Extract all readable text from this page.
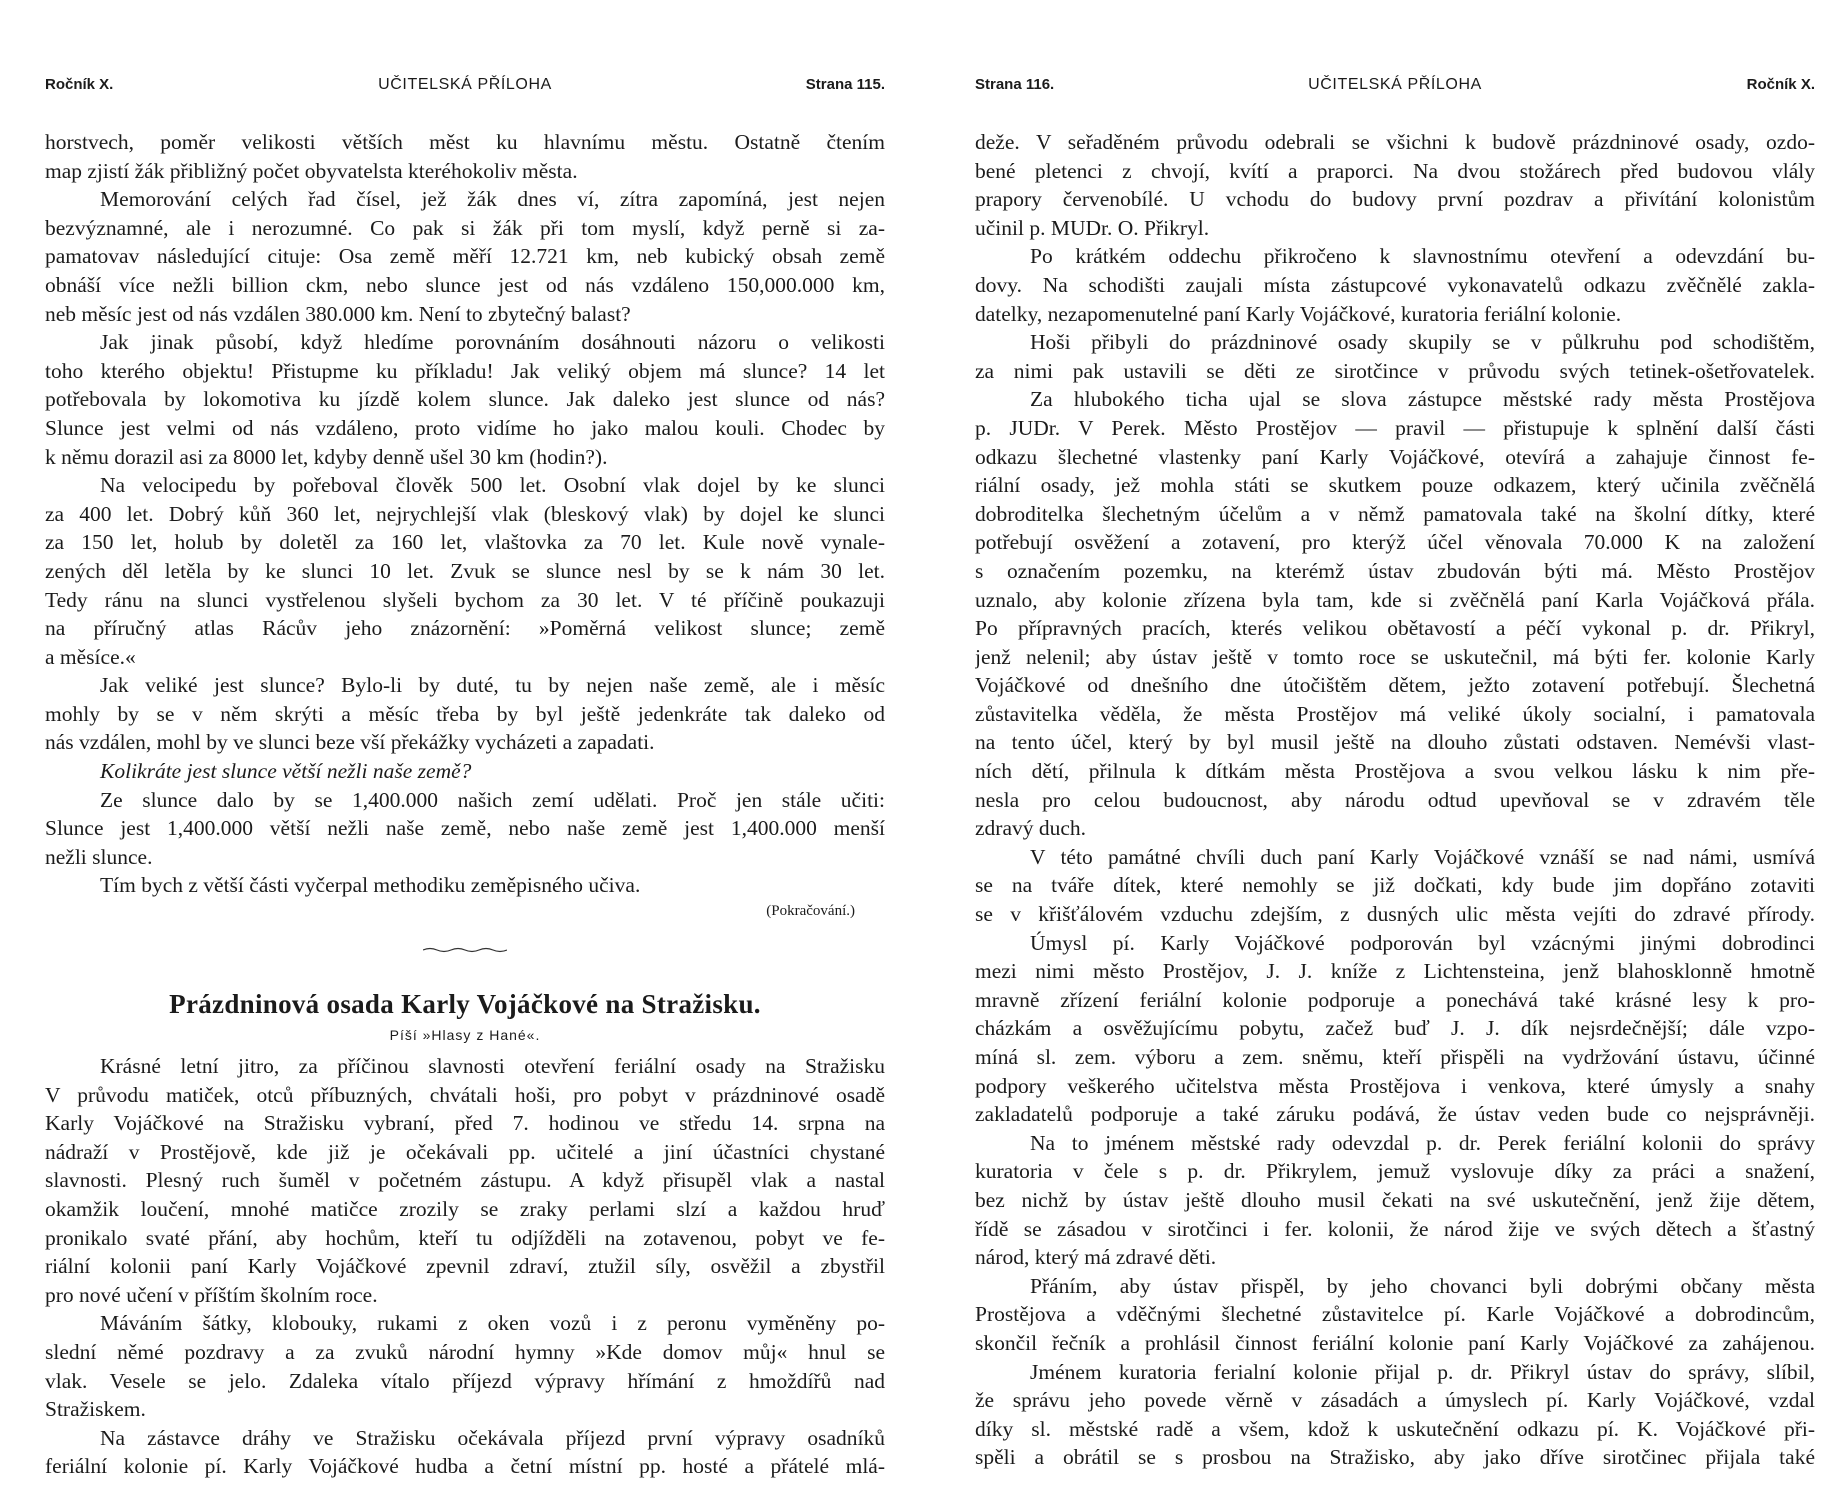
Ročník X.	UČITELSKÁ PŘÍLOHA	Strana 115.
horstvech, poměr velikosti větších měst ku hlavnímu městu. Ostatně čtením
map zjistí žák přibližný počet obyvatelsta kteréhokoliv města.
Memorování celých řad čísel, jež žák dnes ví, zítra zapomíná, jest nejen
bezvýznamné, ale i nerozumné. Co pak si žák při tom myslí, když perně si za-
pamatovav následující cituje: Osa země měří 12.721 km, neb kubický obsah země
obnáší více nežli billion ckm, nebo slunce jest od nás vzdáleno 150,000.000 km,
neb měsíc jest od nás vzdálen 380.000 km. Není to zbytečný balast?
Jak jinak působí, když hledíme porovnáním dosáhnouti názoru o velikosti
toho kterého objektu! Přistupme ku příkladu! Jak veliký objem má slunce? 14 let
potřebovala by lokomotiva ku jízdě kolem slunce. Jak daleko jest slunce od nás?
Slunce jest velmi od nás vzdáleno, proto vidíme ho jako malou kouli. Chodec by
k němu dorazil asi za 8000 let, kdyby denně ušel 30 km (hodin?).
Na velocipedu by pořeboval člověk 500 let. Osobní vlak dojel by ke slunci
za 400 let. Dobrý kůň 360 let, nejrychlejší vlak (bleskový vlak) by dojel ke slunci
za 150 let, holub by doletěl za 160 let, vlaštovka za 70 let. Kule nově vynale-
zených děl letěla by ke slunci 10 let. Zvuk se slunce nesl by se k nám 30 let.
Tedy ránu na slunci vystřelenou slyšeli bychom za 30 let. V té příčině poukazuji
na příručný atlas Rácův jeho znázornění: »Poměrná velikost slunce; země
a měsíce.«
Jak veliké jest slunce? Bylo-li by duté, tu by nejen naše země, ale i měsíc
mohly by se v něm skrýti a měsíc třeba by byl ještě jedenkráte tak daleko od
nás vzdálen, mohl by ve slunci beze vší překážky vycházeti a zapadati.
Kolikráte jest slunce větší nežli naše země?
Ze slunce dalo by se 1,400.000 našich zemí udělati. Proč jen stále učiti:
Slunce jest 1,400.000 větší nežli naše země, nebo naše země jest 1,400.000 menší
nežli slunce.
Tím bych z větší části vyčerpal methodiku zeměpisného učiva.
(Pokračování.)
Prázdninová osada Karly Vojáčkové na Stražisku.
Píší »Hlasy z Hané«.
Krásné letní jitro, za příčinou slavnosti otevření feriální osady na Stražisku
V průvodu matiček, otců příbuzných, chvátali hoši, pro pobyt v prázdninové osadě
Karly Vojáčkové na Stražisku vybraní, před 7. hodinou ve středu 14. srpna na
nádraží v Prostějově, kde již je očekávali pp. učitelé a jiní účastníci chystané
slavnosti. Plesný ruch šuměl v početném zástupu. A když přisupěl vlak a nastal
okamžik loučení, mnohé matičce zrozily se zraky perlami slzí a každou hruď
pronikalo svaté přání, aby hochům, kteří tu odjížděli na zotavenou, pobyt ve fe-
riální kolonii paní Karly Vojáčkové zpevnil zdraví, ztužil síly, osvěžil a zbystřil
pro nové učení v příštím školním roce.
Máváním šátky, klobouky, rukami z oken vozů i z peronu vyměněny po-
slední němé pozdravy a za zvuků národní hymny »Kde domov můj« hnul se
vlak. Vesele se jelo. Zdaleka vítalo příjezd výpravy hřímání z hmoždířů nad
Stražiskem.
Na zástavce dráhy ve Stražisku očekávala příjezd první výpravy osadníků
feriální kolonie pí. Karly Vojáčkové hudba a četní místní pp. hosté a přátelé mlá-
Strana 116.	UČITELSKÁ PŘÍLOHA	Ročník X.
deže. V seřaděném průvodu odebrali se všichni k budově prázdninové osady, ozdo-
bené pletenci z chvojí, kvítí a praporci. Na dvou stožárech před budovou vlály
prapory červenobílé. U vchodu do budovy první pozdrav a přivítání kolonistům
učinil p. MUDr. O. Přikryl.
Po krátkém oddechu přikročeno k slavnostnímu otevření a odevzdání bu-
dovy. Na schodišti zaujali místa zástupcové vykonavatelů odkazu zvěčnělé zakla-
datelky, nezapomenutelné paní Karly Vojáčkové, kuratoria feriální kolonie.
Hoši přibyli do prázdninové osady skupily se v půlkruhu pod schodištěm,
za nimi pak ustavili se děti ze sirotčince v průvodu svých tetinek-ošetřovatelek.
Za hlubokého ticha ujal se slova zástupce městské rady města Prostějova
p. JUDr. V Perek. Město Prostějov — pravil — přistupuje k splnění další části
odkazu šlechetné vlastenky paní Karly Vojáčkové, otevírá a zahajuje činnost fe-
riální osady, jež mohla státi se skutkem pouze odkazem, který učinila zvěčnělá
dobroditelka šlechetným účelům a v němž pamatovala také na školní dítky, které
potřebují osvěžení a zotavení, pro kterýž účel věnovala 70.000 K na založení
s označením pozemku, na kterémž ústav zbudován býti má. Město Prostějov
uznalo, aby kolonie zřízena byla tam, kde si zvěčnělá paní Karla Vojáčková přála.
Po přípravných pracích, kterés velikou obětavostí a péčí vykonal p. dr. Přikryl,
jenž nelenil; aby ústav ještě v tomto roce se uskutečnil, má býti fer. kolonie Karly
Vojáčkové od dnešního dne útočištěm dětem, ježto zotavení potřebují. Šlechetná
zůstavitelka věděla, že města Prostějov má veliké úkoly socialní, i pamatovala
na tento účel, který by byl musil ještě na dlouho zůstati odstaven. Nemévši vlast-
ních dětí, přilnula k dítkám města Prostějova a svou velkou lásku k nim pře-
nesla pro celou budoucnost, aby národu odtud upevňoval se v zdravém těle
zdravý duch.
V této památné chvíli duch paní Karly Vojáčkové vznáší se nad námi, usmívá
se na tváře dítek, které nemohly se již dočkati, kdy bude jim dopřáno zotaviti
se v křišťálovém vzduchu zdejším, z dusných ulic města vejíti do zdravé přírody.
Úmysl pí. Karly Vojáčkové podporován byl vzácnými jinými dobrodinci
mezi nimi město Prostějov, J. J. kníže z Lichtensteina, jenž blahosklonně hmotně
mravně zřízení feriální kolonie podporuje a ponechává také krásné lesy k pro-
cházkám a osvěžujícímu pobytu, začež buď J. J. dík nejsrdečnější; dále vzpo-
míná sl. zem. výboru a zem. sněmu, kteří přispěli na vydržování ústavu, účinné
podpory veškerého učitelstva města Prostějova i venkova, které úmysly a snahy
zakladatelů podporuje a také záruku podává, že ústav veden bude co nejsprávněji.
Na to jménem městské rady odevzdal p. dr. Perek feriální kolonii do správy
kuratoria v čele s p. dr. Přikrylem, jemuž vyslovuje díky za práci a snažení,
bez nichž by ústav ještě dlouho musil čekati na své uskutečnění, jenž žije dětem,
řídě se zásadou v sirotčinci i fer. kolonii, že národ žije ve svých dětech a šťastný
národ, který má zdravé děti.
Přáním, aby ústav přispěl, by jeho chovanci byli dobrými občany města
Prostějova a vděčnými šlechetné zůstavitelce pí. Karle Vojáčkové a dobrodincům,
skončil řečník a prohlásil činnost feriální kolonie paní Karly Vojáčkové za zahájenou.
Jménem kuratoria ferialní kolonie přijal p. dr. Přikryl ústav do správy, slíbil,
že správu jeho povede věrně v zásadách a úmyslech pí. Karly Vojáčkové, vzdal
díky sl. městské radě a všem, kdož k uskutečnění odkazu pí. K. Vojáčkové při-
spěli a obrátil se s prosbou na Stražisko, aby jako dříve sirotčinec přijala také
